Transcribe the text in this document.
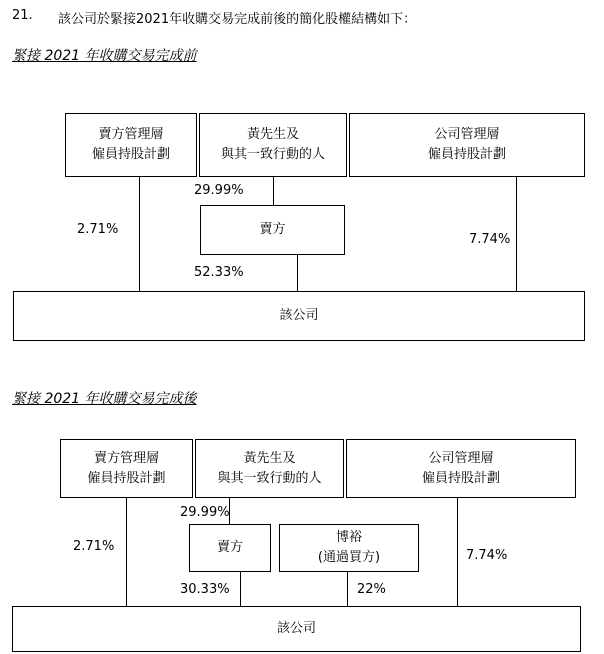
21. 該公司於緊接2021年收購交易完成前後的簡化股權結構如下：
緊接 2021 年收購交易完成前
賣方管理層
僱員持股計劃
黃先生及
與其一致行動的人
公司管理層
僱員持股計劃
29.99%
賣方
2.71%
7.74%
52.33%
該公司
緊接 2021 年收購交易完成後
賣方管理層
僱員持股計劃
黃先生及
與其一致行動的人
公司管理層
僱員持股計劃
29.99%
賣方
博裕
(通過買方)
2.71%
7.74%
30.33%	22%
該公司
